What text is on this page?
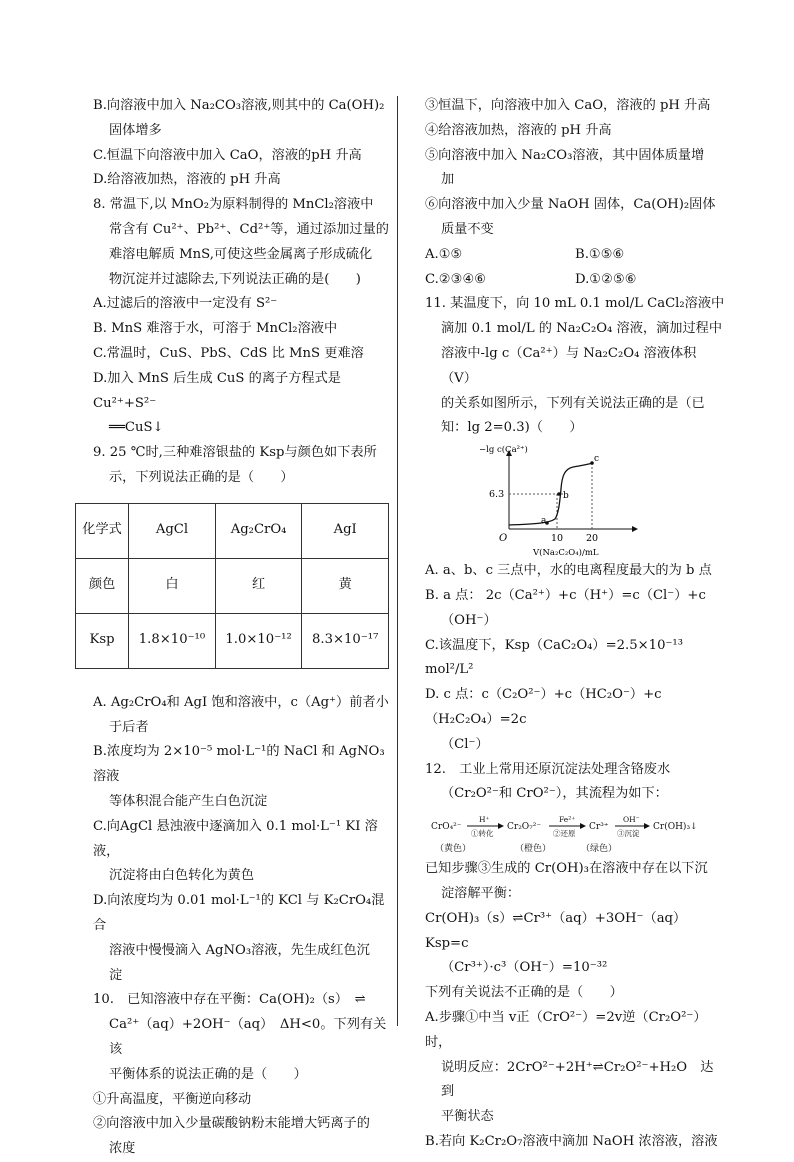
B.向溶液中加入 Na₂CO₃溶液,则其中的 Ca(OH)₂

固体增多

C.恒温下向溶液中加入 CaO，溶液的pH 升高

D.给溶液加热，溶液的 pH 升高

8. 常温下,以 MnO₂为原料制得的 MnCl₂溶液中

常含有 Cu²⁺、Pb²⁺、Cd²⁺等，通过添加过量的

难溶电解质 MnS,可使这些金属离子形成硫化

物沉淀并过滤除去,下列说法正确的是(　　)

A.过滤后的溶液中一定没有 S²⁻

B. MnS 难溶于水，可溶于 MnCl₂溶液中

C.常温时，CuS、PbS、CdS 比 MnS 更难溶

D.加入 MnS 后生成 CuS 的离子方程式是 Cu²⁺+S²⁻

══CuS↓

9. 25 ℃时,三种难溶银盐的 Ksp与颜色如下表所

示，下列说法正确的是（　　）

化学式	AgCl	Ag₂CrO₄	AgI
颜色	白	红	黄
Ksp	1.8×10⁻¹⁰	1.0×10⁻¹²	8.3×10⁻¹⁷

A. Ag₂CrO₄和 AgI 饱和溶液中，c（Ag⁺）前者小

于后者

B.浓度均为 2×10⁻⁵ mol·L⁻¹的 NaCl 和 AgNO₃溶液

等体积混合能产生白色沉淀

C.向AgCl 悬浊液中逐滴加入 0.1 mol·L⁻¹ KI 溶液，

沉淀将由白色转化为黄色

D.向浓度均为 0.01 mol·L⁻¹的 KCl 与 K₂CrO₄混合

溶液中慢慢滴入 AgNO₃溶液，先生成红色沉

淀

10.　已知溶液中存在平衡：Ca(OH)₂（s）　⇌

Ca²⁺（aq）+2OH⁻（aq）　ΔH<0。下列有关该

平衡体系的说法正确的是（　　）

①升高温度，平衡逆向移动

②向溶液中加入少量碳酸钠粉末能增大钙离子的

浓度

③恒温下，向溶液中加入 CaO，溶液的 pH 升高

④给溶液加热，溶液的 pH 升高

⑤向溶液中加入 Na₂CO₃溶液，其中固体质量增

加

⑥向溶液中加入少量 NaOH 固体，Ca(OH)₂固体

质量不变

A.①⑤	B.①⑤⑥
C.②③④⑥	D.①②⑤⑥

11. 某温度下，向 10 mL 0.1 mol/L CaCl₂溶液中

滴加 0.1 mol/L 的 Na₂C₂O₄ 溶液，滴加过程中

溶液中-lg c（Ca²⁺）与 Na₂C₂O₄ 溶液体积（V）

的关系如图所示，下列有关说法正确的是（已

知：lg 2=0.3)（　　）

−lg c(Ca²⁺)
6.3
a
b
c
O	10 20
V(Na₂C₂O₄)/mL

A. a、b、c 三点中，水的电离程度最大的为 b 点

B. a 点： 2c（Ca²⁺）+c（H⁺）=c（Cl⁻）+c

（OH⁻）

C.该温度下，Ksp（CaC₂O₄）=2.5×10⁻¹³ mol²/L²

D. c 点：c（C₂O²⁻）+c（HC₂O⁻）+c（H₂C₂O₄）=2c

（Cl⁻）

12.　工业上常用还原沉淀法处理含铬废水

（Cr₂O²⁻和 CrO²⁻），其流程为如下：

CrO₄²⁻
H⁺
①转化
Cr₂O₇²⁻
Fe²⁺
②还原
Cr³⁺
OH⁻
③沉淀
Cr(OH)₃↓
（黄色）	（橙色）	（绿色）

已知步骤③生成的 Cr(OH)₃在溶液中存在以下沉

淀溶解平衡：

Cr(OH)₃（s）⇌Cr³⁺（aq）+3OH⁻（aq）Ksp=c

（Cr³⁺）·c³（OH⁻）=10⁻³²

下列有关说法不正确的是（　　）

A.步骤①中当 v正（CrO²⁻）=2v逆（Cr₂O²⁻）时，

说明反应：2CrO²⁻+2H⁺⇌Cr₂O²⁻+H₂O　达到

平衡状态

B.若向 K₂Cr₂O₇溶液中滴加 NaOH 浓溶液，溶液
